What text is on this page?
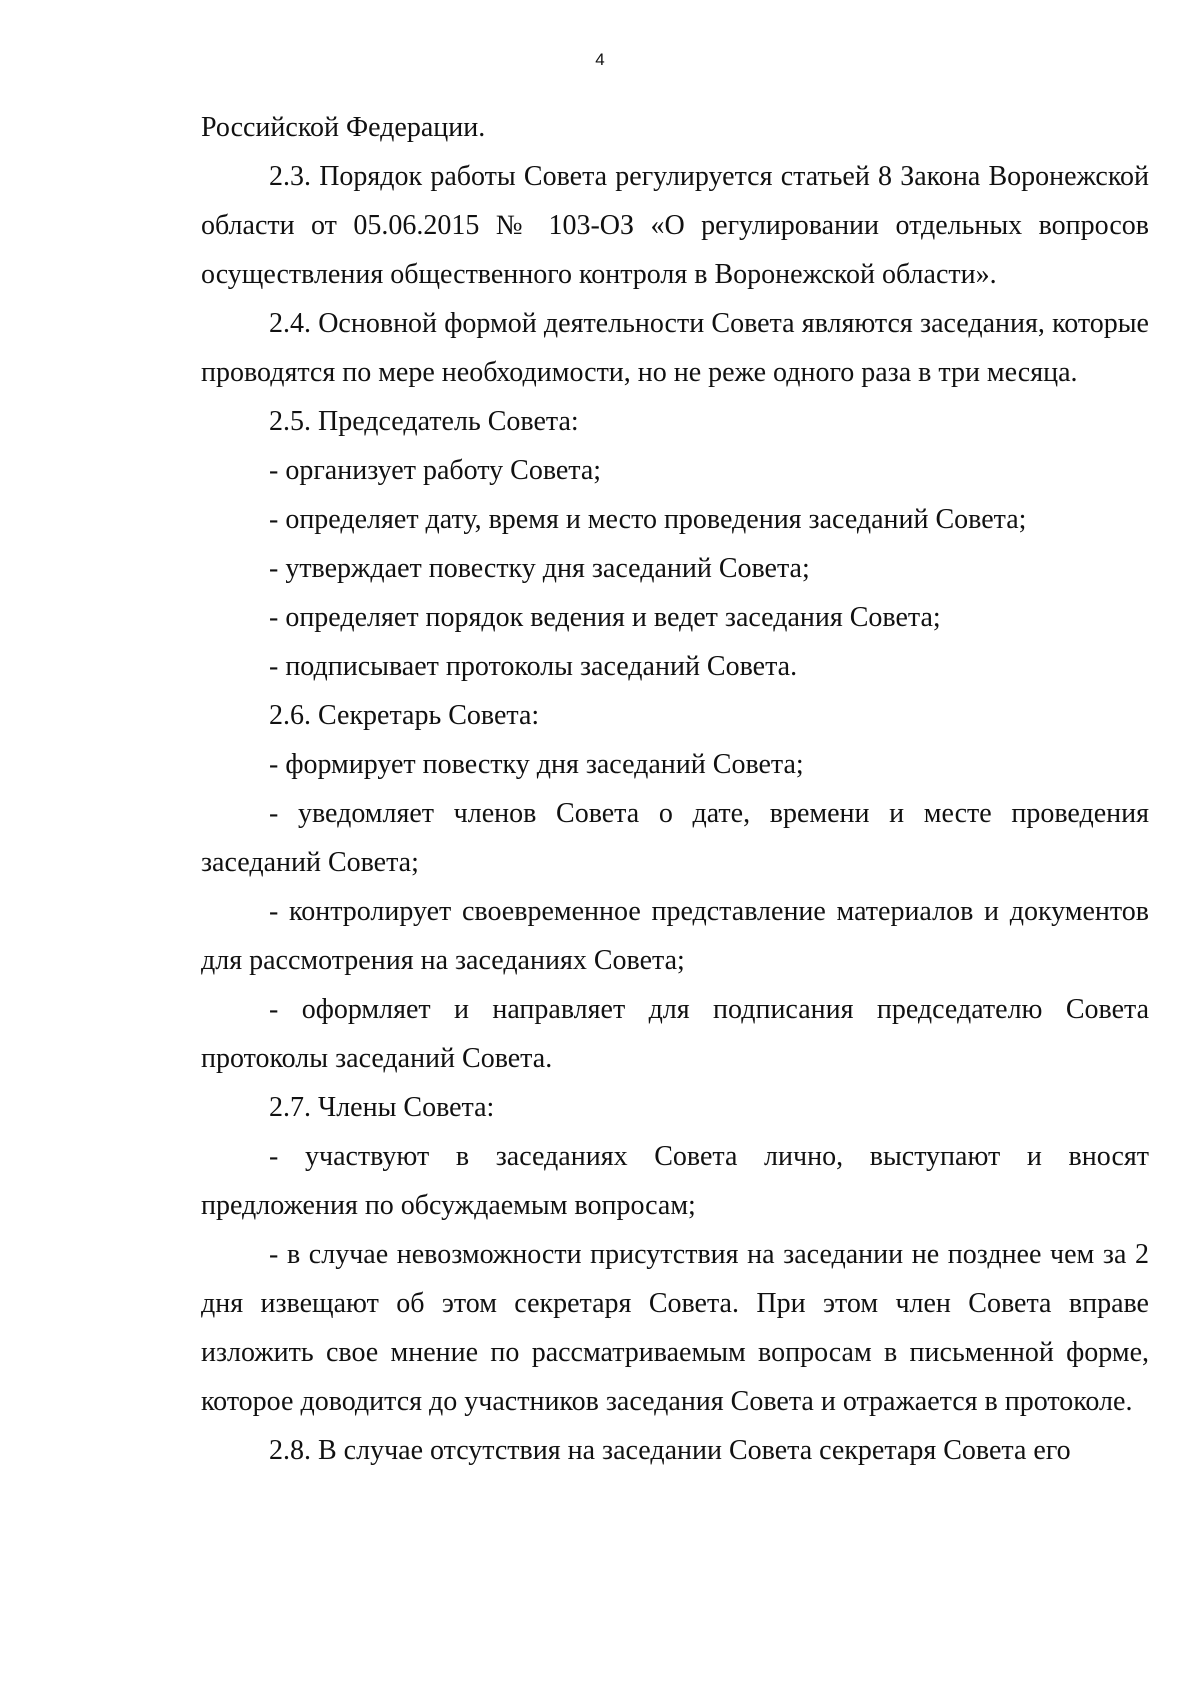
4

Российской Федерации.

2.3. Порядок работы Совета регулируется статьей 8 Закона Воронежской области от 05.06.2015 № 103-ОЗ «О регулировании отдельных вопросов осуществления общественного контроля в Воронежской области».

2.4. Основной формой деятельности Совета являются заседания, которые проводятся по мере необходимости, но не реже одного раза в три месяца.

2.5. Председатель Совета:

- организует работу Совета;

- определяет дату, время и место проведения заседаний Совета;

- утверждает повестку дня заседаний Совета;

- определяет порядок ведения и ведет заседания Совета;

- подписывает протоколы заседаний Совета.

2.6. Секретарь Совета:

- формирует повестку дня заседаний Совета;

- уведомляет членов Совета о дате, времени и месте проведения заседаний Совета;

- контролирует своевременное представление материалов и документов для рассмотрения на заседаниях Совета;

- оформляет и направляет для подписания председателю Совета протоколы заседаний Совета.

2.7. Члены Совета:

- участвуют в заседаниях Совета лично, выступают и вносят предложения по обсуждаемым вопросам;

- в случае невозможности присутствия на заседании не позднее чем за 2 дня извещают об этом секретаря Совета. При этом член Совета вправе изложить свое мнение по рассматриваемым вопросам в письменной форме, которое доводится до участников заседания Совета и отражается в протоколе.

2.8. В случае отсутствия на заседании Совета секретаря Совета его
